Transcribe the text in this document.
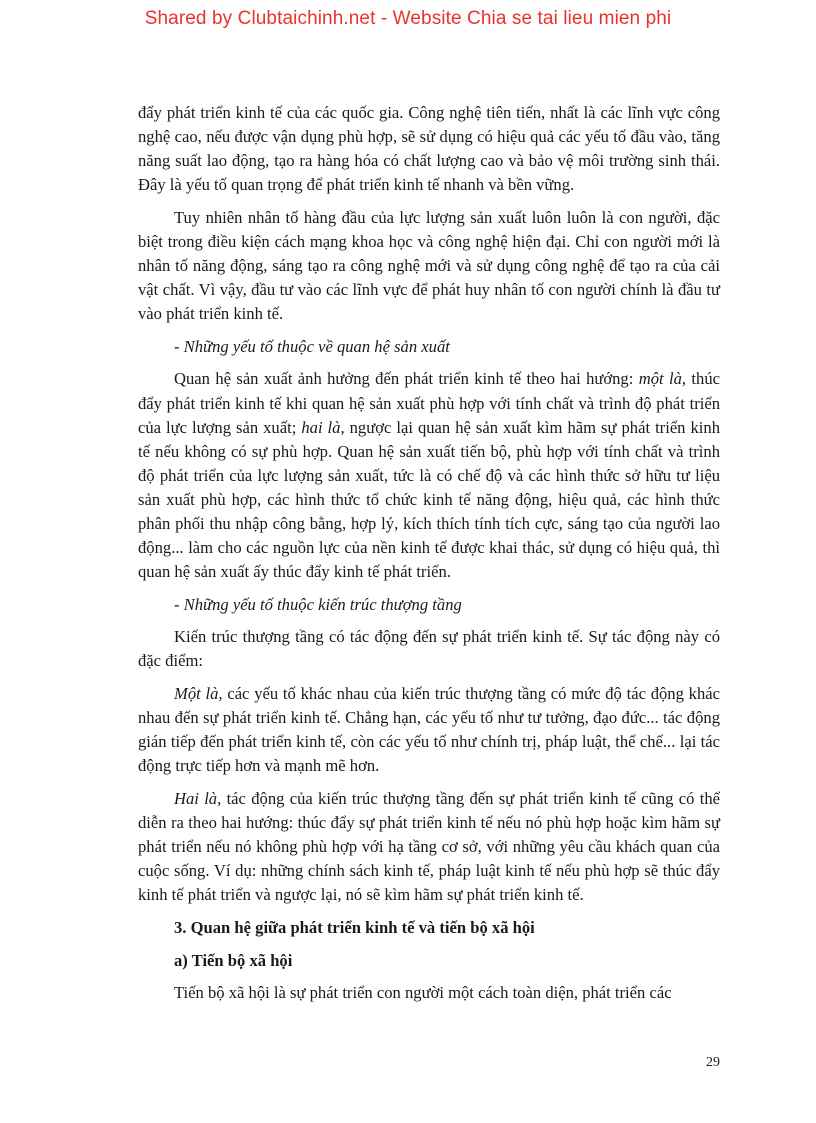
Shared by Clubtaichinh.net - Website Chia se tai lieu mien phi

đẩy phát triển kinh tế của các quốc gia. Công nghệ tiên tiến, nhất là các lĩnh vực công nghệ cao, nếu được vận dụng phù hợp, sẽ sử dụng có hiệu quả các yếu tố đầu vào, tăng năng suất lao động, tạo ra hàng hóa có chất lượng cao và bảo vệ môi trường sinh thái. Đây là yếu tố quan trọng để phát triển kinh tế nhanh và bền vững.

Tuy nhiên nhân tố hàng đầu của lực lượng sản xuất luôn luôn là con người, đặc biệt trong điều kiện cách mạng khoa học và công nghệ hiện đại. Chỉ con người mới là nhân tố năng động, sáng tạo ra công nghệ mới và sử dụng công nghệ để tạo ra của cải vật chất. Vì vậy, đầu tư vào các lĩnh vực để phát huy nhân tố con người chính là đầu tư vào phát triển kinh tế.

- Những yếu tố thuộc về quan hệ sản xuất

Quan hệ sản xuất ảnh hưởng đến phát triển kinh tế theo hai hướng: một là, thúc đẩy phát triển kinh tế khi quan hệ sản xuất phù hợp với tính chất và trình độ phát triển của lực lượng sản xuất; hai là, ngược lại quan hệ sản xuất kìm hãm sự phát triển kinh tế nếu không có sự phù hợp. Quan hệ sản xuất tiến bộ, phù hợp với tính chất và trình độ phát triển của lực lượng sản xuất, tức là có chế độ và các hình thức sở hữu tư liệu sản xuất phù hợp, các hình thức tổ chức kinh tế năng động, hiệu quả, các hình thức phân phối thu nhập công bằng, hợp lý, kích thích tính tích cực, sáng tạo của người lao động... làm cho các nguồn lực của nền kinh tế được khai thác, sử dụng có hiệu quả, thì quan hệ sản xuất ấy thúc đẩy kinh tế phát triển.

- Những yếu tố thuộc kiến trúc thượng tầng

Kiến trúc thượng tầng có tác động đến sự phát triển kinh tế. Sự tác động này có đặc điểm:

Một là, các yếu tố khác nhau của kiến trúc thượng tầng có mức độ tác động khác nhau đến sự phát triển kinh tế. Chẳng hạn, các yếu tố như tư tưởng, đạo đức... tác động gián tiếp đến phát triển kinh tế, còn các yếu tố như chính trị, pháp luật, thể chế... lại tác động trực tiếp hơn và mạnh mẽ hơn.

Hai là, tác động của kiến trúc thượng tầng đến sự phát triển kinh tế cũng có thể diễn ra theo hai hướng: thúc đẩy sự phát triển kinh tế nếu nó phù hợp hoặc kìm hãm sự phát triển nếu nó không phù hợp với hạ tầng cơ sở, với những yêu cầu khách quan của cuộc sống. Ví dụ: những chính sách kinh tế, pháp luật kinh tế nếu phù hợp sẽ thúc đẩy kinh tế phát triển và ngược lại, nó sẽ kìm hãm sự phát triển kinh tế.

3. Quan hệ giữa phát triển kinh tế và tiến bộ xã hội

a) Tiến bộ xã hội

Tiến bộ xã hội là sự phát triển con người một cách toàn diện, phát triển các

29
